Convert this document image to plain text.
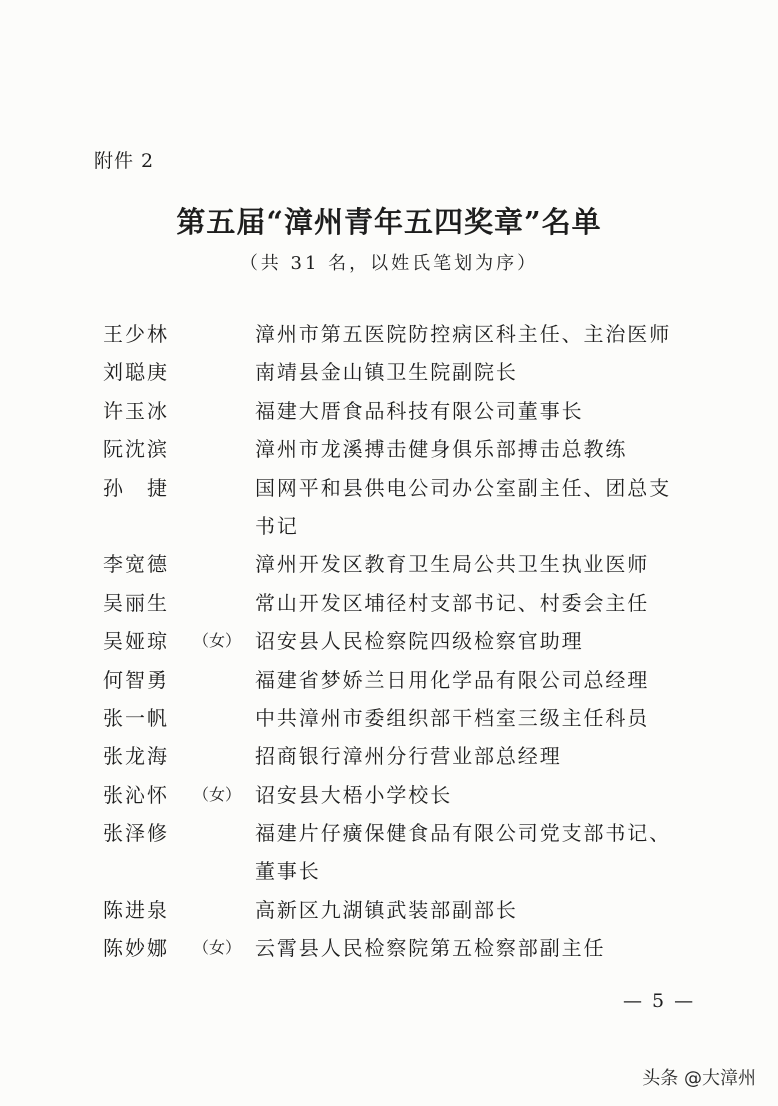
附件 2
第五届“漳州青年五四奖章”名单
（共 31 名，以姓氏笔划为序）
王少林	漳州市第五医院防控病区科主任、主治医师
刘聪庚	南靖县金山镇卫生院副院长
许玉冰	福建大厝食品科技有限公司董事长
阮沈滨	漳州市龙溪搏击健身俱乐部搏击总教练
孙　捷	国网平和县供电公司办公室副主任、团总支
书记
李宽德	漳州开发区教育卫生局公共卫生执业医师
吴丽生	常山开发区埔径村支部书记、村委会主任
吴娅琼 （女） 诏安县人民检察院四级检察官助理
何智勇	福建省梦娇兰日用化学品有限公司总经理
张一帆	中共漳州市委组织部干档室三级主任科员
张龙海	招商银行漳州分行营业部总经理
张沁怀 （女） 诏安县大梧小学校长
张泽修	福建片仔癀保健食品有限公司党支部书记、
董事长
陈进泉	高新区九湖镇武装部副部长
陈妙娜 （女） 云霄县人民检察院第五检察部副主任
— 5 —
头条 @大漳州
